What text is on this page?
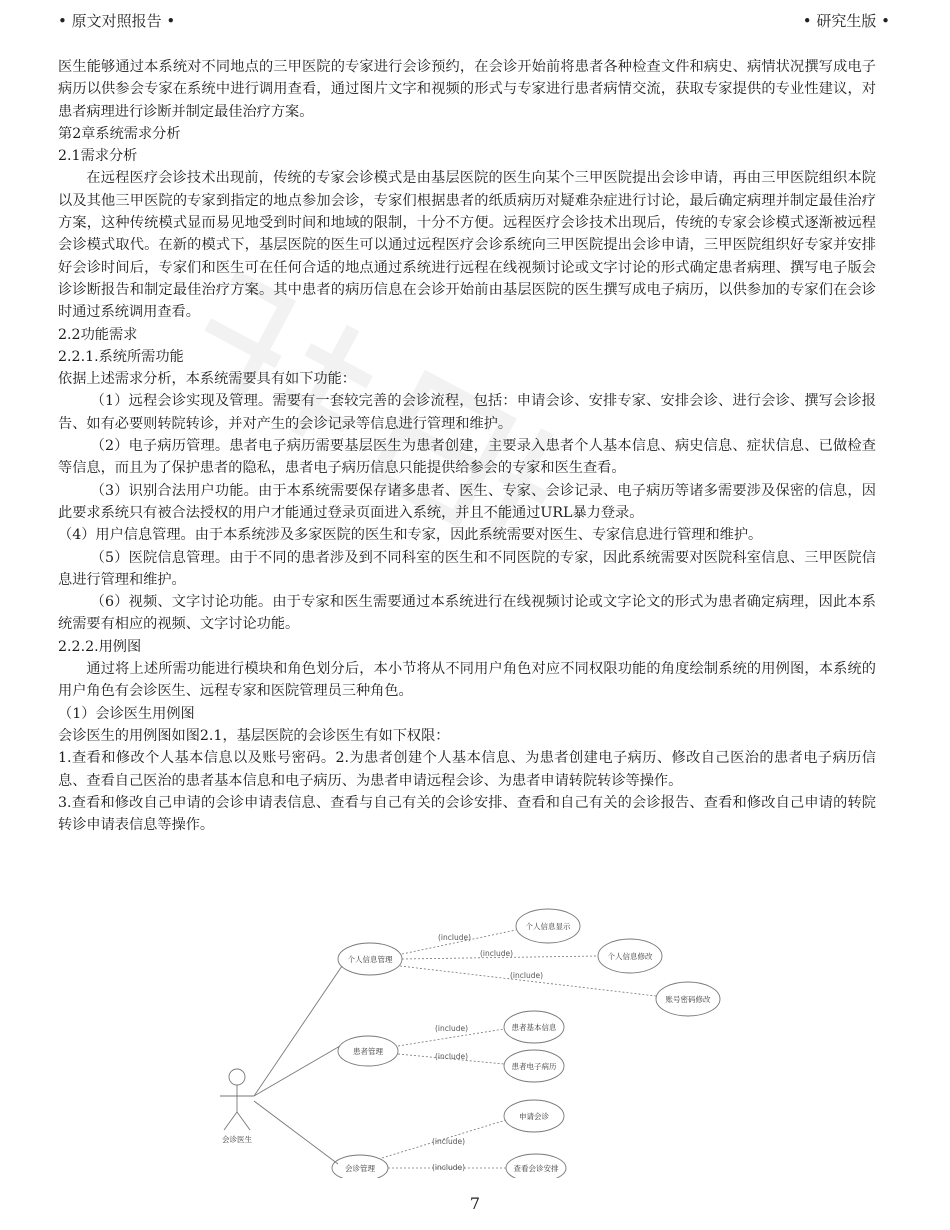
• 原文对照报告 •	• 研究生版 •

医生能够通过本系统对不同地点的三甲医院的专家进行会诊预约，在会诊开始前将患者各种检查文件和病史、病情状况撰写成电子病历以供参会专家在系统中进行调用查看，通过图片文字和视频的形式与专家进行患者病情交流，获取专家提供的专业性建议，对患者病理进行诊断并制定最佳治疗方案。

第2章系统需求分析

2.1需求分析

在远程医疗会诊技术出现前，传统的专家会诊模式是由基层医院的医生向某个三甲医院提出会诊申请，再由三甲医院组织本院以及其他三甲医院的专家到指定的地点参加会诊，专家们根据患者的纸质病历对疑难杂症进行讨论，最后确定病理并制定最佳治疗方案，这种传统模式显而易见地受到时间和地域的限制，十分不方便。远程医疗会诊技术出现后，传统的专家会诊模式逐渐被远程会诊模式取代。在新的模式下，基层医院的医生可以通过远程医疗会诊系统向三甲医院提出会诊申请，三甲医院组织好专家并安排好会诊时间后，专家们和医生可在任何合适的地点通过系统进行远程在线视频讨论或文字讨论的形式确定患者病理、撰写电子版会诊诊断报告和制定最佳治疗方案。其中患者的病历信息在会诊开始前由基层医院的医生撰写成电子病历，以供参加的专家们在会诊时通过系统调用查看。

2.2功能需求

2.2.1.系统所需功能

依据上述需求分析，本系统需要具有如下功能：

（1）远程会诊实现及管理。需要有一套较完善的会诊流程，包括：申请会诊、安排专家、安排会诊、进行会诊、撰写会诊报告、如有必要则转院转诊，并对产生的会诊记录等信息进行管理和维护。

（2）电子病历管理。患者电子病历需要基层医生为患者创建，主要录入患者个人基本信息、病史信息、症状信息、已做检查等信息，而且为了保护患者的隐私，患者电子病历信息只能提供给参会的专家和医生查看。

（3）识别合法用户功能。由于本系统需要保存诸多患者、医生、专家、会诊记录、电子病历等诸多需要涉及保密的信息，因此要求系统只有被合法授权的用户才能通过登录页面进入系统，并且不能通过URL暴力登录。

（4）用户信息管理。由于本系统涉及多家医院的医生和专家，因此系统需要对医生、专家信息进行管理和维护。

（5）医院信息管理。由于不同的患者涉及到不同科室的医生和不同医院的专家，因此系统需要对医院科室信息、三甲医院信息进行管理和维护。

（6）视频、文字讨论功能。由于专家和医生需要通过本系统进行在线视频讨论或文字论文的形式为患者确定病理，因此本系统需要有相应的视频、文字讨论功能。

2.2.2.用例图

通过将上述所需功能进行模块和角色划分后，本小节将从不同用户角色对应不同权限功能的角度绘制系统的用例图，本系统的用户角色有会诊医生、远程专家和医院管理员三种角色。

（1）会诊医生用例图

会诊医生的用例图如图2.1，基层医院的会诊医生有如下权限：

1.查看和修改个人基本信息以及账号密码。2.为患者创建个人基本信息、为患者创建电子病历、修改自己医治的患者电子病历信息、查看自己医治的患者基本信息和电子病历、为患者申请远程会诊、为患者申请转院转诊等操作。

3.查看和修改自己申请的会诊申请表信息、查看与自己有关的会诊安排、查看和自己有关的会诊报告、查看和修改自己申请的转院转诊申请表信息等操作。

(include)
(include)
(include)
(include)
(include)
(include)
(include)
会诊医生
个人信息管理
个人信息显示
个人信息修改
账号密码修改
患者管理
患者基本信息
患者电子病历
申请会诊
会诊管理	查看会诊安排
7
